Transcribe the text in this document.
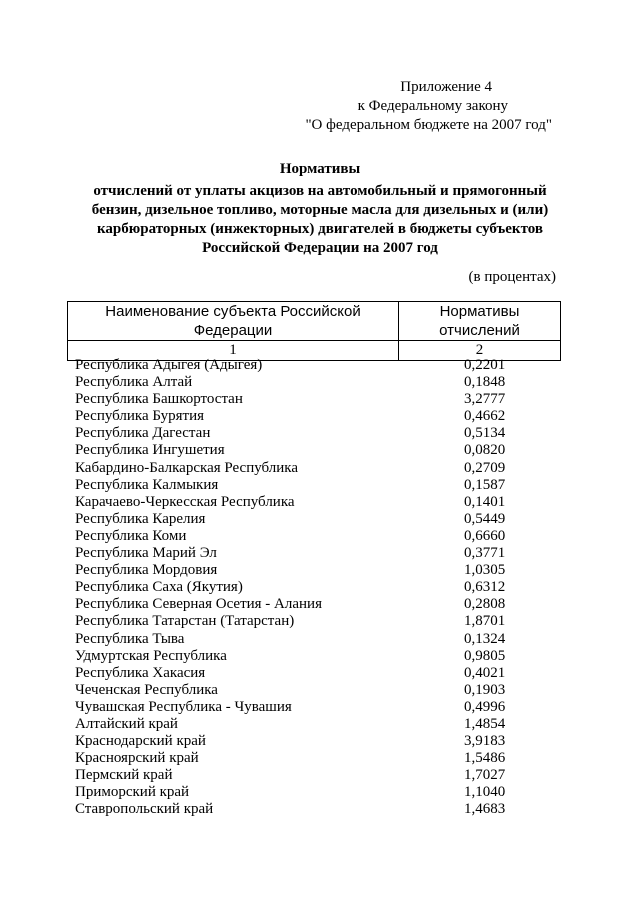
Приложение 4
к Федеральному закону
"О федеральном бюджете на 2007 год"
Нормативы
отчислений от уплаты акцизов на автомобильный и прямогонный
бензин, дизельное топливо, моторные масла для дизельных и (или)
карбюраторных (инжекторных) двигателей в бюджеты субъектов
Российской Федерации на 2007 год
(в процентах)
Наименование субъекта Российской Федерации	Нормативы отчислений
1	2
Республика Адыгея (Адыгея)	0,2201
Республика Алтай	0,1848
Республика Башкортостан	3,2777
Республика Бурятия	0,4662
Республика Дагестан	0,5134
Республика Ингушетия	0,0820
Кабардино-Балкарская Республика	0,2709
Республика Калмыкия	0,1587
Карачаево-Черкесская Республика	0,1401
Республика Карелия	0,5449
Республика Коми	0,6660
Республика Марий Эл	0,3771
Республика Мордовия	1,0305
Республика Саха (Якутия)	0,6312
Республика Северная Осетия - Алания	0,2808
Республика Татарстан (Татарстан)	1,8701
Республика Тыва	0,1324
Удмуртская Республика	0,9805
Республика Хакасия	0,4021
Чеченская Республика	0,1903
Чувашская Республика - Чувашия	0,4996
Алтайский край	1,4854
Краснодарский край	3,9183
Красноярский край	1,5486
Пермский край	1,7027
Приморский край	1,1040
Ставропольский край	1,4683
